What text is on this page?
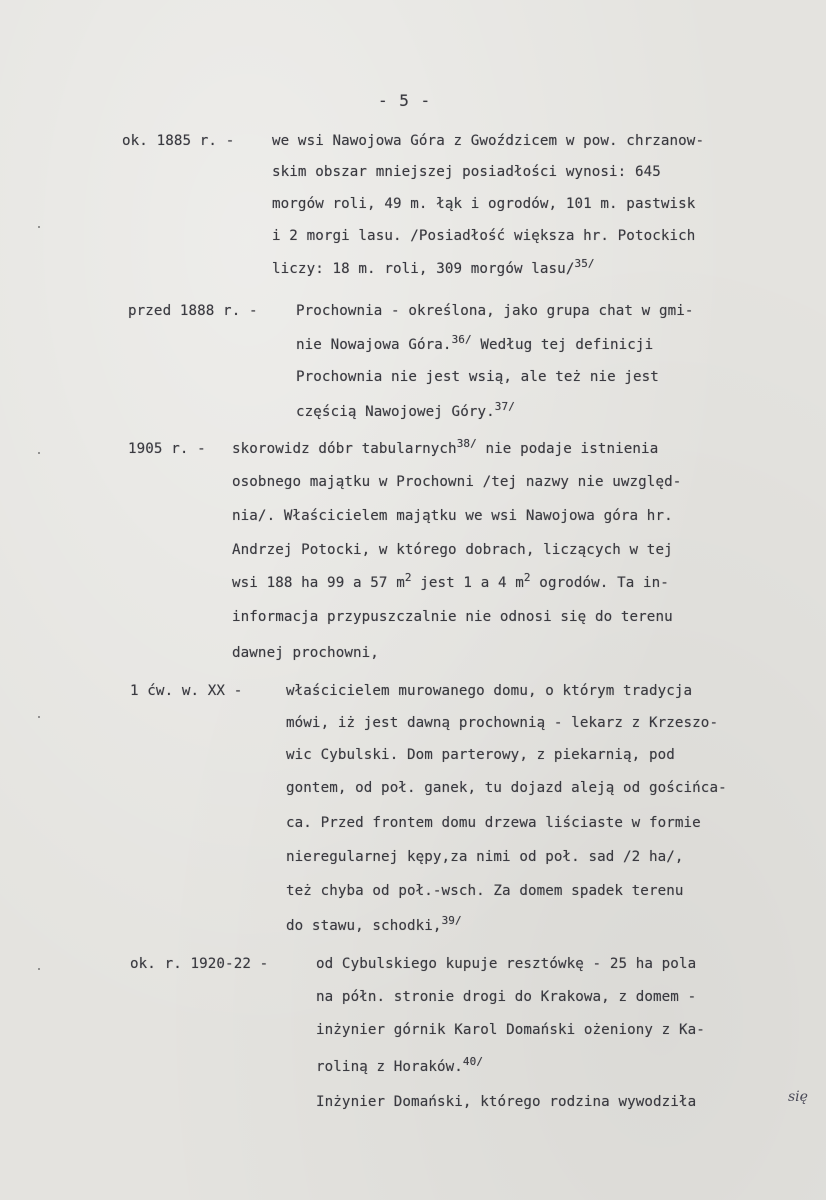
- 5 -
ok. 1885 r. -	we wsi Nawojowa Góra z Gwoździcem w pow. chrzanow-
skim obszar mniejszej posiadłości wynosi: 645
morgów roli, 49 m. łąk i ogrodów, 101 m. pastwisk
i 2 morgi lasu. /Posiadłość większa hr. Potockich
liczy: 18 m. roli, 309 morgów lasu/$^{35/}$
przed 1888 r. -	Prochownia - określona, jako grupa chat w gmi-
nie Nowajowa Góra.$^{36/}$ Według tej definicji
Prochownia nie jest wsią, ale też nie jest
częścią Nawojowej Góry.$^{37/}$
1905 r. - skorowidz dóbr tabularnych$^{38/}$ nie podaje istnienia
osobnego majątku w Prochowni /tej nazwy nie uwzględ-
nia/. Właścicielem majątku we wsi Nawojowa góra hr.
Andrzej Potocki, w którego dobrach, liczących w tej
wsi 188 ha 99 a 57 $m^2$ jest 1 a 4 $m^2$ ogrodów. Ta in-
informacja przypuszczalnie nie odnosi się do terenu
dawnej prochowni,
1 ćw. w. XX -	właścicielem murowanego domu, o którym tradycja
mówi, iż jest dawną prochownią - lekarz z Krzeszo-
wic Cybulski. Dom parterowy, z piekarnią, pod
gontem, od poł. ganek, tu dojazd aleją od gościńca-
ca. Przed frontem domu drzewa liściaste w formie
nieregularnej kępy,za nimi od poł. sad /2 ha/,
też chyba od poł.-wsch. Za domem spadek terenu
do stawu, schodki,$^{39/}$
ok. r. 1920-22 -	od Cybulskiego kupuje resztówkę - 25 ha pola
na półn. stronie drogi do Krakowa, z domem -
inżynier górnik Karol Domański ożeniony z Ka-
roliną z Horaków.$^{40/}$
Inżynier Domański, którego rodzina wywodziła	się
